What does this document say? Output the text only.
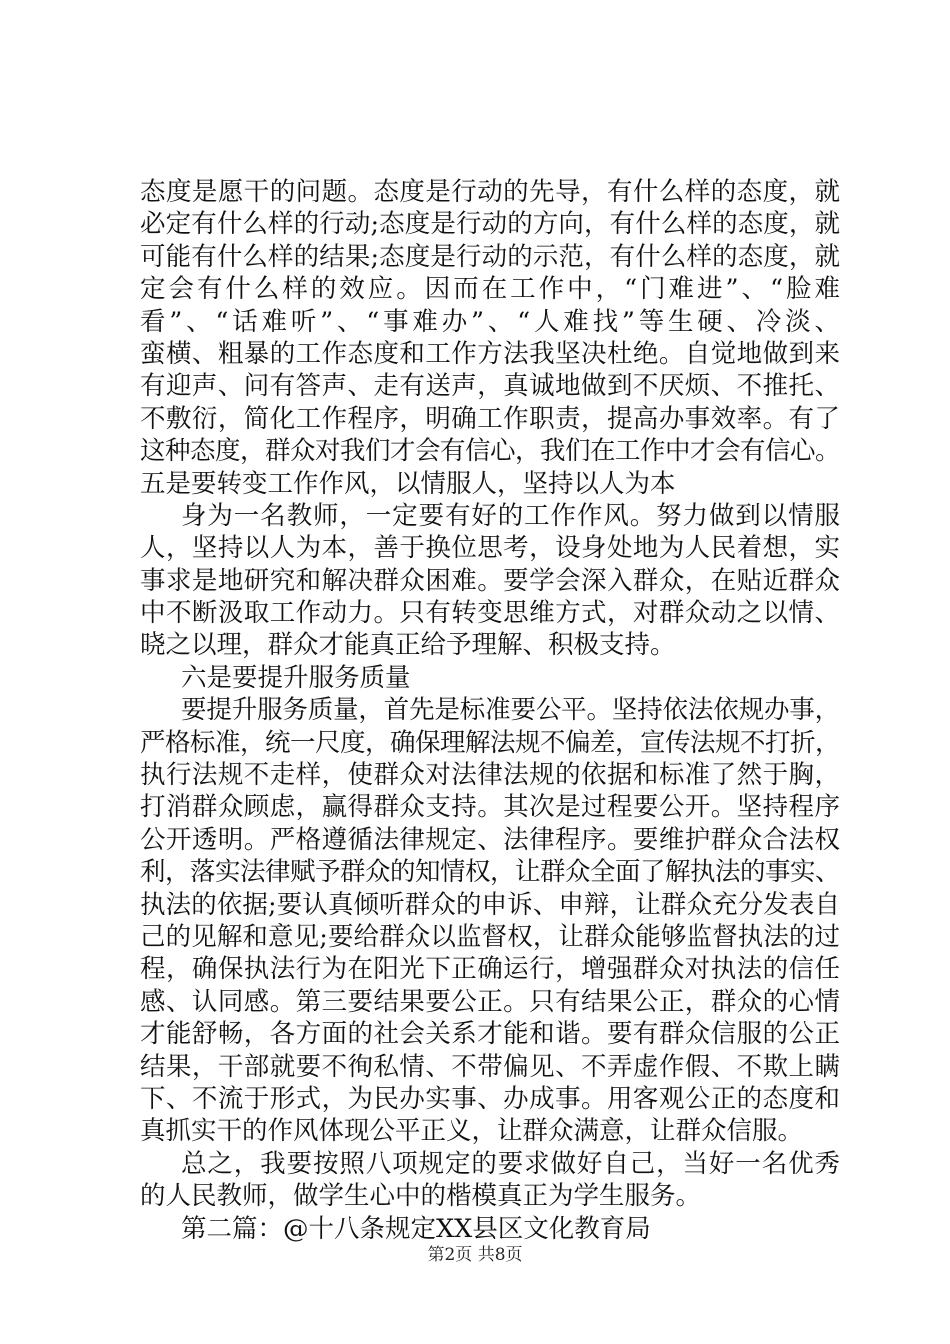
态度是愿干的问题。态度是行动的先导，有什么样的态度，就
必定有什么样的行动;态度是行动的方向，有什么样的态度，就
可能有什么样的结果;态度是行动的示范，有什么样的态度，就
定会有什么样的效应。因而在工作中，“门难进”、“脸难
看”、“话难听”、“事难办”、“人难找”等生硬、冷淡、
蛮横、粗暴的工作态度和工作方法我坚决杜绝。自觉地做到来
有迎声、问有答声、走有送声，真诚地做到不厌烦、不推托、
不敷衍，简化工作程序，明确工作职责，提高办事效率。有了
这种态度，群众对我们才会有信心，我们在工作中才会有信心。
五是要转变工作作风，以情服人，坚持以人为本
身为一名教师，一定要有好的工作作风。努力做到以情服
人，坚持以人为本，善于换位思考，设身处地为人民着想，实
事求是地研究和解决群众困难。要学会深入群众，在贴近群众
中不断汲取工作动力。只有转变思维方式，对群众动之以情、
晓之以理，群众才能真正给予理解、积极支持。
六是要提升服务质量
要提升服务质量，首先是标准要公平。坚持依法依规办事，
严格标准，统一尺度，确保理解法规不偏差，宣传法规不打折，
执行法规不走样，使群众对法律法规的依据和标准了然于胸，
打消群众顾虑，赢得群众支持。其次是过程要公开。坚持程序
公开透明。严格遵循法律规定、法律程序。要维护群众合法权
利，落实法律赋予群众的知情权，让群众全面了解执法的事实、
执法的依据;要认真倾听群众的申诉、申辩，让群众充分发表自
己的见解和意见;要给群众以监督权，让群众能够监督执法的过
程，确保执法行为在阳光下正确运行，增强群众对执法的信任
感、认同感。第三要结果要公正。只有结果公正，群众的心情
才能舒畅，各方面的社会关系才能和谐。要有群众信服的公正
结果，干部就要不徇私情、不带偏见、不弄虚作假、不欺上瞒
下、不流于形式，为民办实事、办成事。用客观公正的态度和
真抓实干的作风体现公平正义，让群众满意，让群众信服。
总之，我要按照八项规定的要求做好自己，当好一名优秀
的人民教师，做学生心中的楷模真正为学生服务。
第二篇：@十八条规定XX县区文化教育局
第2页 共8页
